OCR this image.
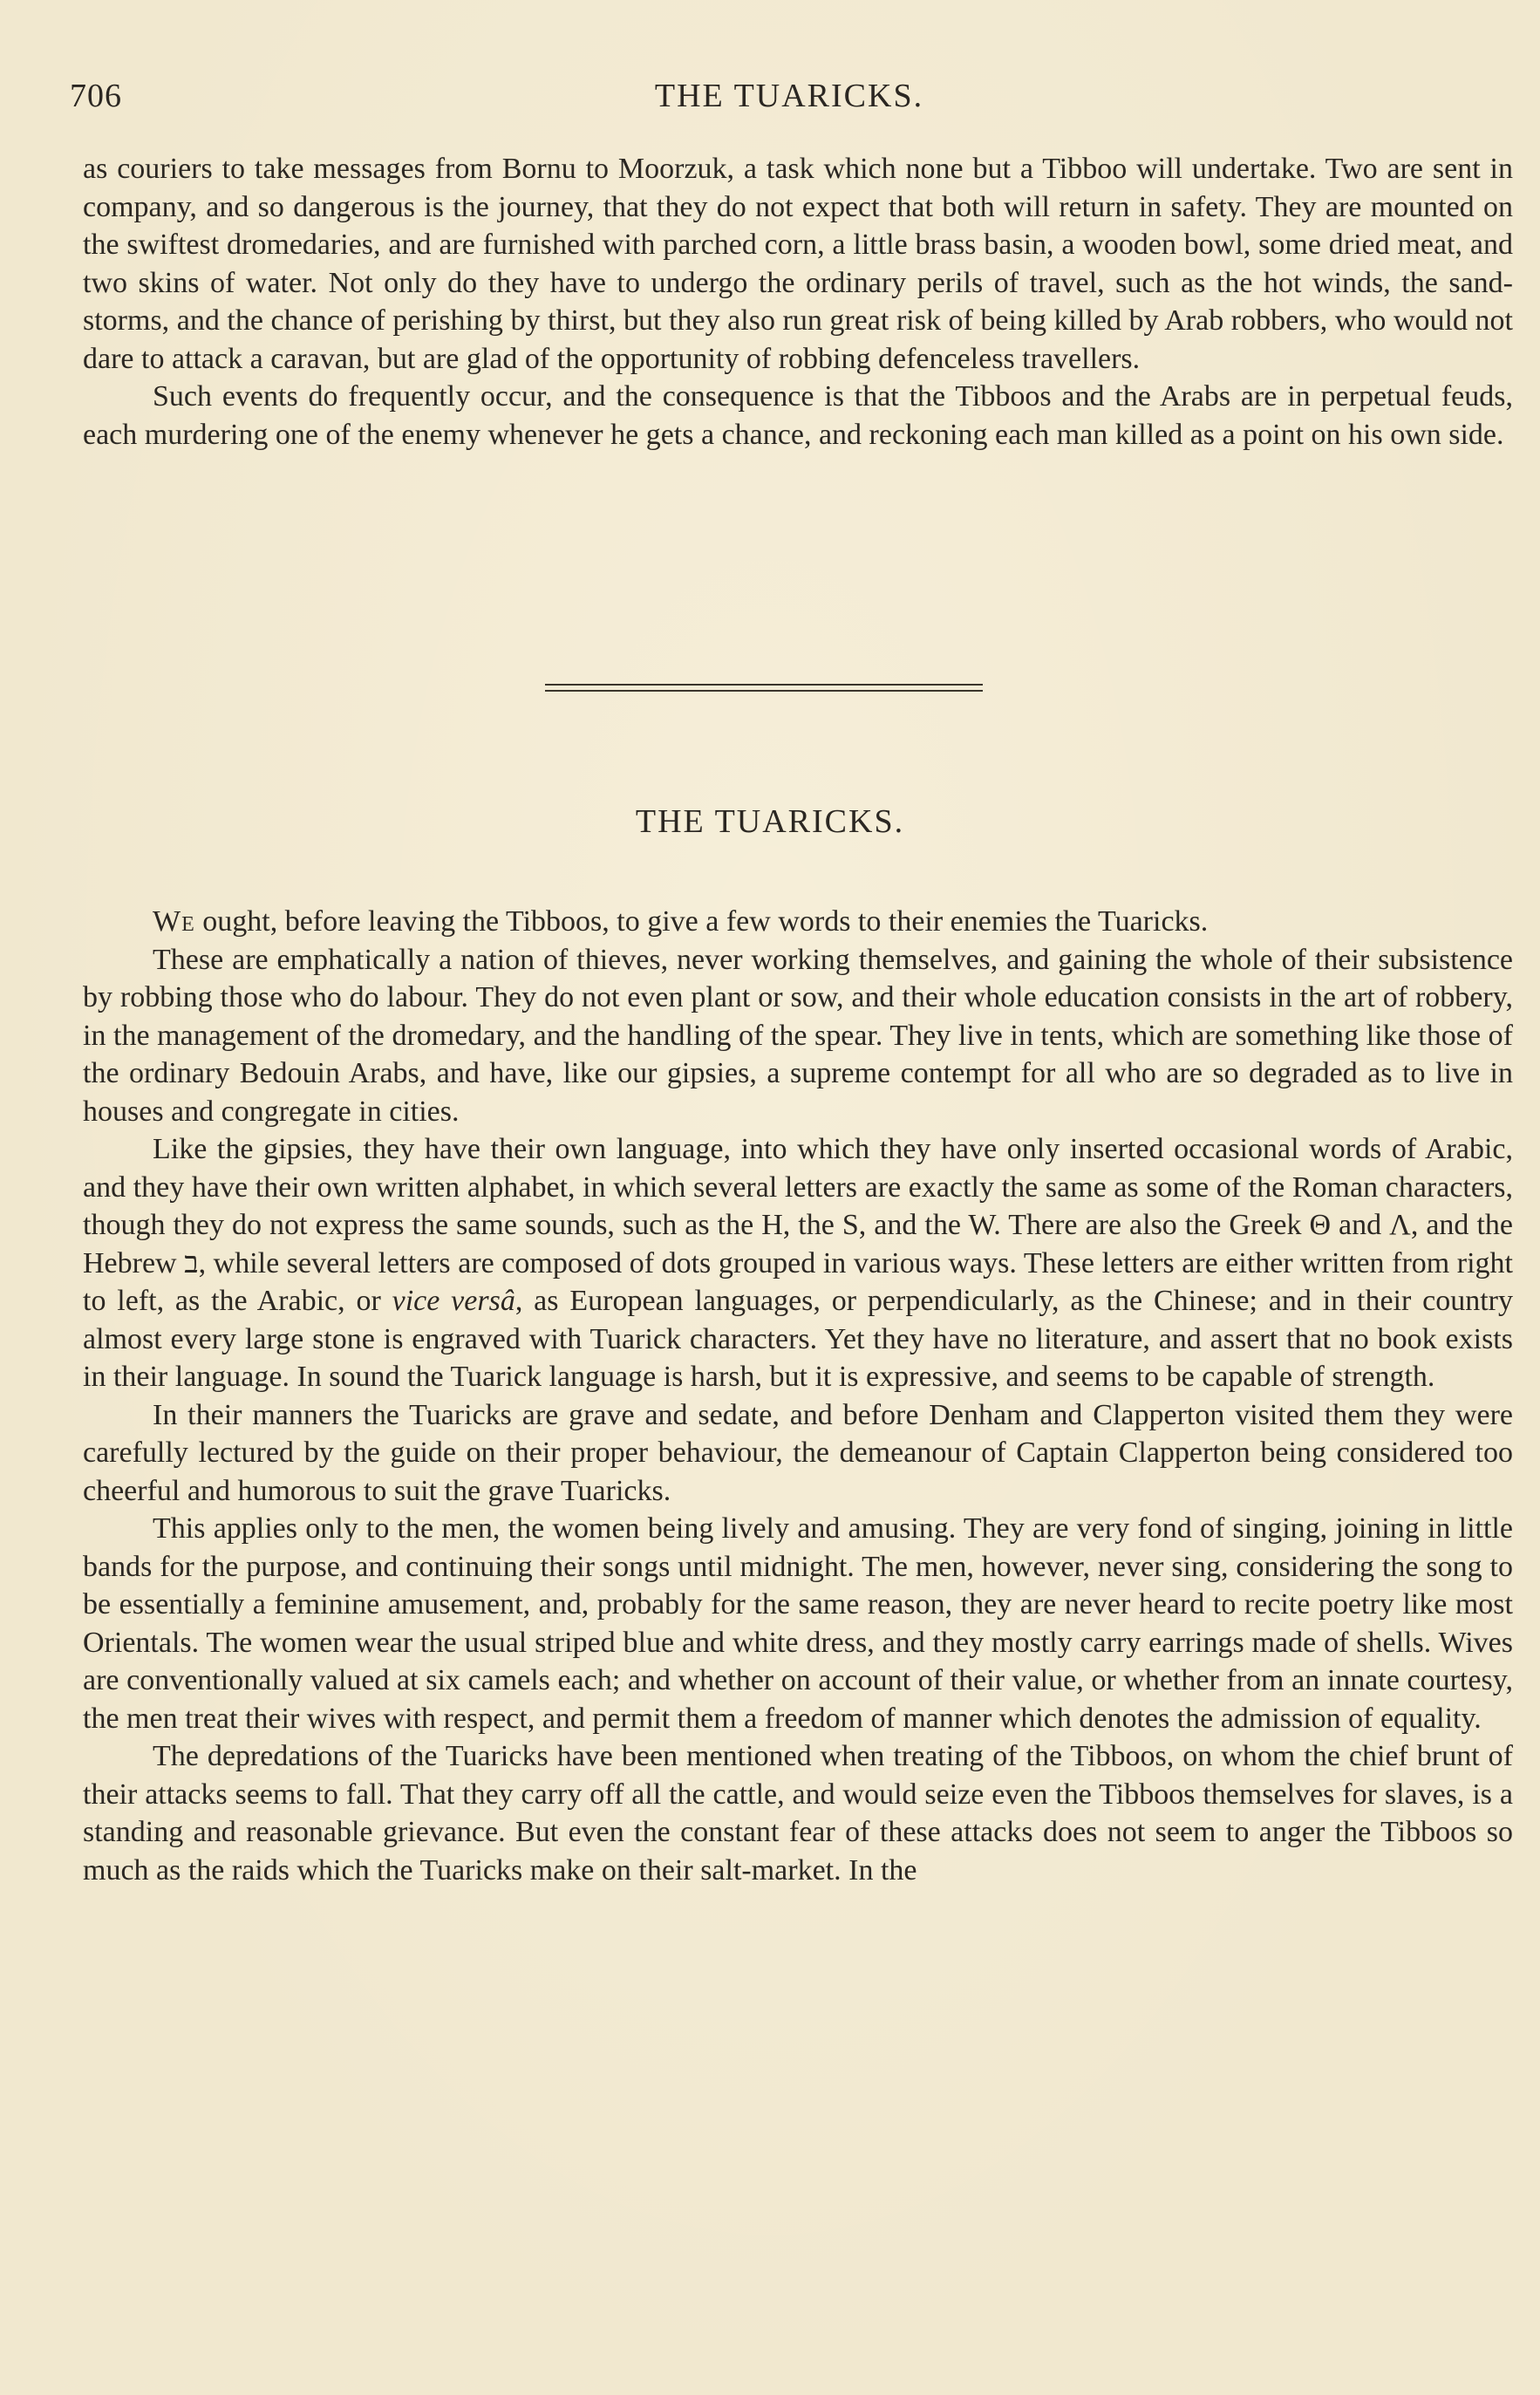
706	THE TUARICKS.

as couriers to take messages from Bornu to Moorzuk, a task which none but a Tibboo will undertake. Two are sent in company, and so dangerous is the journey, that they do not expect that both will return in safety. They are mounted on the swiftest dromedaries, and are furnished with parched corn, a little brass basin, a wooden bowl, some dried meat, and two skins of water. Not only do they have to undergo the ordinary perils of travel, such as the hot winds, the sand-storms, and the chance of perishing by thirst, but they also run great risk of being killed by Arab robbers, who would not dare to attack a caravan, but are glad of the opportunity of robbing defenceless travellers.

Such events do frequently occur, and the consequence is that the Tibboos and the Arabs are in perpetual feuds, each murdering one of the enemy whenever he gets a chance, and reckoning each man killed as a point on his own side.

THE TUARICKS.

We ought, before leaving the Tibboos, to give a few words to their enemies the Tuaricks.

These are emphatically a nation of thieves, never working themselves, and gaining the whole of their subsistence by robbing those who do labour. They do not even plant or sow, and their whole education consists in the art of robbery, in the management of the dromedary, and the handling of the spear. They live in tents, which are something like those of the ordinary Bedouin Arabs, and have, like our gipsies, a supreme contempt for all who are so degraded as to live in houses and congregate in cities.

Like the gipsies, they have their own language, into which they have only inserted occasional words of Arabic, and they have their own written alphabet, in which several letters are exactly the same as some of the Roman characters, though they do not express the same sounds, such as the H, the S, and the W. There are also the Greek Θ and Λ, and the Hebrew ב, while several letters are composed of dots grouped in various ways. These letters are either written from right to left, as the Arabic, or vice versâ, as European languages, or perpendicularly, as the Chinese; and in their country almost every large stone is engraved with Tuarick characters. Yet they have no literature, and assert that no book exists in their language. In sound the Tuarick language is harsh, but it is expressive, and seems to be capable of strength.

In their manners the Tuaricks are grave and sedate, and before Denham and Clapperton visited them they were carefully lectured by the guide on their proper behaviour, the demeanour of Captain Clapperton being considered too cheerful and humorous to suit the grave Tuaricks.

This applies only to the men, the women being lively and amusing. They are very fond of singing, joining in little bands for the purpose, and continuing their songs until midnight. The men, however, never sing, considering the song to be essentially a feminine amusement, and, probably for the same reason, they are never heard to recite poetry like most Orientals. The women wear the usual striped blue and white dress, and they mostly carry earrings made of shells. Wives are conventionally valued at six camels each; and whether on account of their value, or whether from an innate courtesy, the men treat their wives with respect, and permit them a freedom of manner which denotes the admission of equality.

The depredations of the Tuaricks have been mentioned when treating of the Tibboos, on whom the chief brunt of their attacks seems to fall. That they carry off all the cattle, and would seize even the Tibboos themselves for slaves, is a standing and reasonable grievance. But even the constant fear of these attacks does not seem to anger the Tibboos so much as the raids which the Tuaricks make on their salt-market. In the
